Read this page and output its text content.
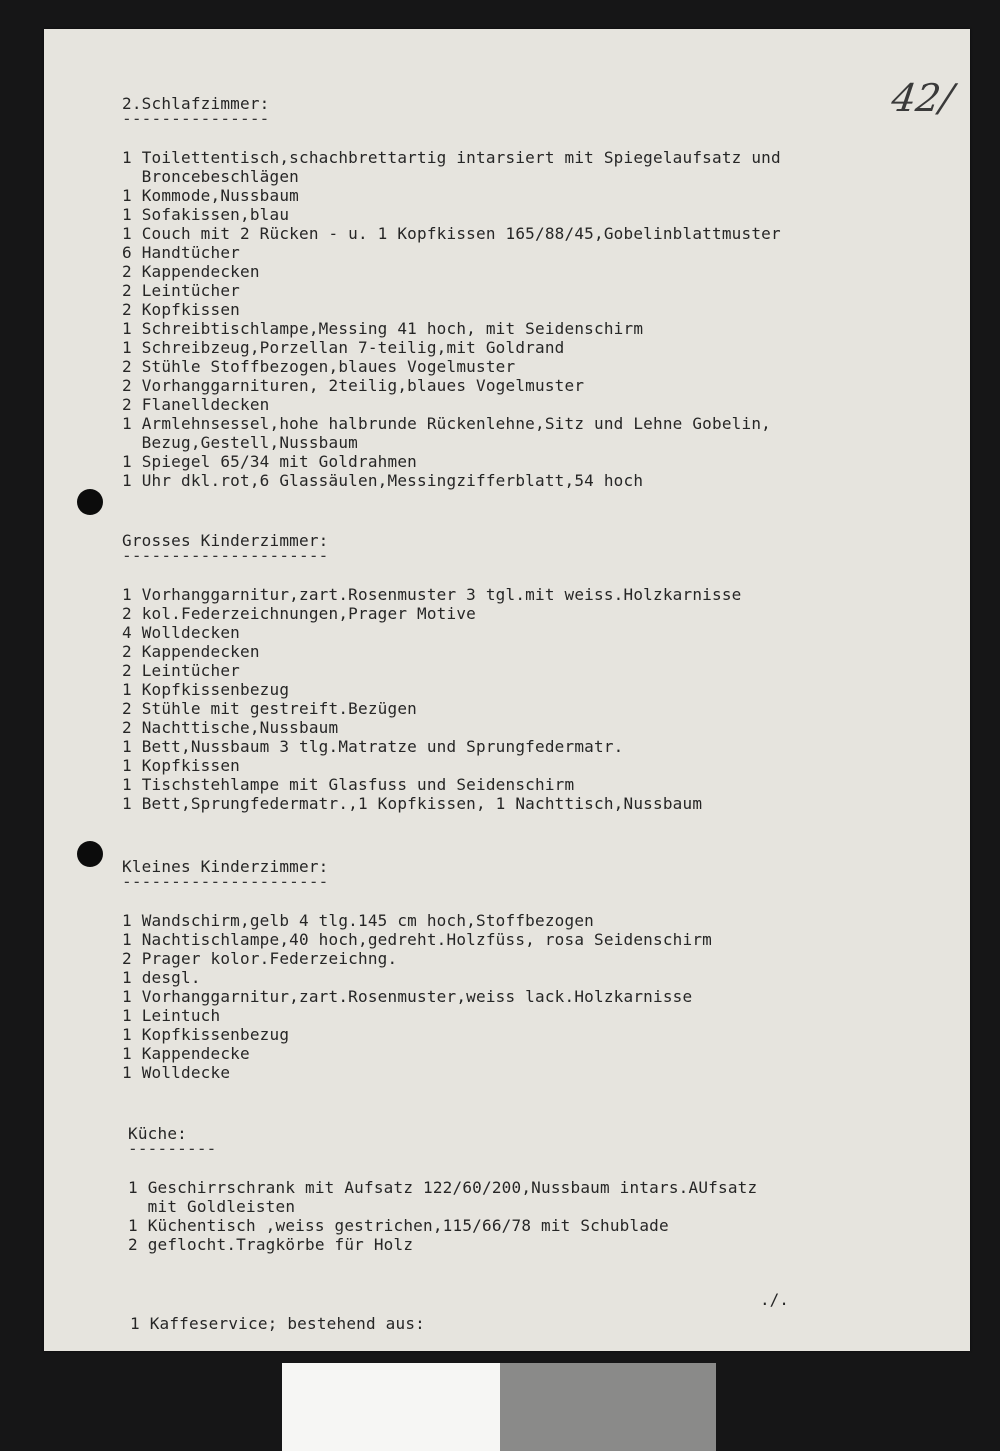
42/
2.Schlafzimmer:
---------------
1 Toilettentisch,schachbrettartig intarsiert mit Spiegelaufsatz und
Broncebeschlägen
1 Kommode,Nussbaum
1 Sofakissen,blau
1 Couch mit 2 Rücken - u. 1 Kopfkissen 165/88/45,Gobelinblattmuster
6 Handtücher
2 Kappendecken
2 Leintücher
2 Kopfkissen
1 Schreibtischlampe,Messing 41 hoch, mit Seidenschirm
1 Schreibzeug,Porzellan 7-teilig,mit Goldrand
2 Stühle Stoffbezogen,blaues Vogelmuster
2 Vorhanggarnituren, 2teilig,blaues Vogelmuster
2 Flanelldecken
1 Armlehnsessel,hohe halbrunde Rückenlehne,Sitz und Lehne Gobelin,
Bezug,Gestell,Nussbaum
1 Spiegel 65/34 mit Goldrahmen
1 Uhr dkl.rot,6 Glassäulen,Messingzifferblatt,54 hoch
Grosses Kinderzimmer:
---------------------
1 Vorhanggarnitur,zart.Rosenmuster 3 tgl.mit weiss.Holzkarnisse
2 kol.Federzeichnungen,Prager Motive
4 Wolldecken
2 Kappendecken
2 Leintücher
1 Kopfkissenbezug
2 Stühle mit gestreift.Bezügen
2 Nachttische,Nussbaum
1 Bett,Nussbaum 3 tlg.Matratze und Sprungfedermatr.
1 Kopfkissen
1 Tischstehlampe mit Glasfuss und Seidenschirm
1 Bett,Sprungfedermatr.,1 Kopfkissen, 1 Nachttisch,Nussbaum
Kleines Kinderzimmer:
---------------------
1 Wandschirm,gelb 4 tlg.145 cm hoch,Stoffbezogen
1 Nachtischlampe,40 hoch,gedreht.Holzfüss, rosa Seidenschirm
2 Prager kolor.Federzeichng.
1 desgl.
1 Vorhanggarnitur,zart.Rosenmuster,weiss lack.Holzkarnisse
1 Leintuch
1 Kopfkissenbezug
1 Kappendecke
1 Wolldecke
Küche:
---------
1 Geschirrschrank mit Aufsatz 122/60/200,Nussbaum intars.AUfsatz
mit Goldleisten
1 Küchentisch ,weiss gestrichen,115/66/78 mit Schublade
2 geflocht.Tragkörbe für Holz

1 Kaffeservice; bestehend aus:

./.
